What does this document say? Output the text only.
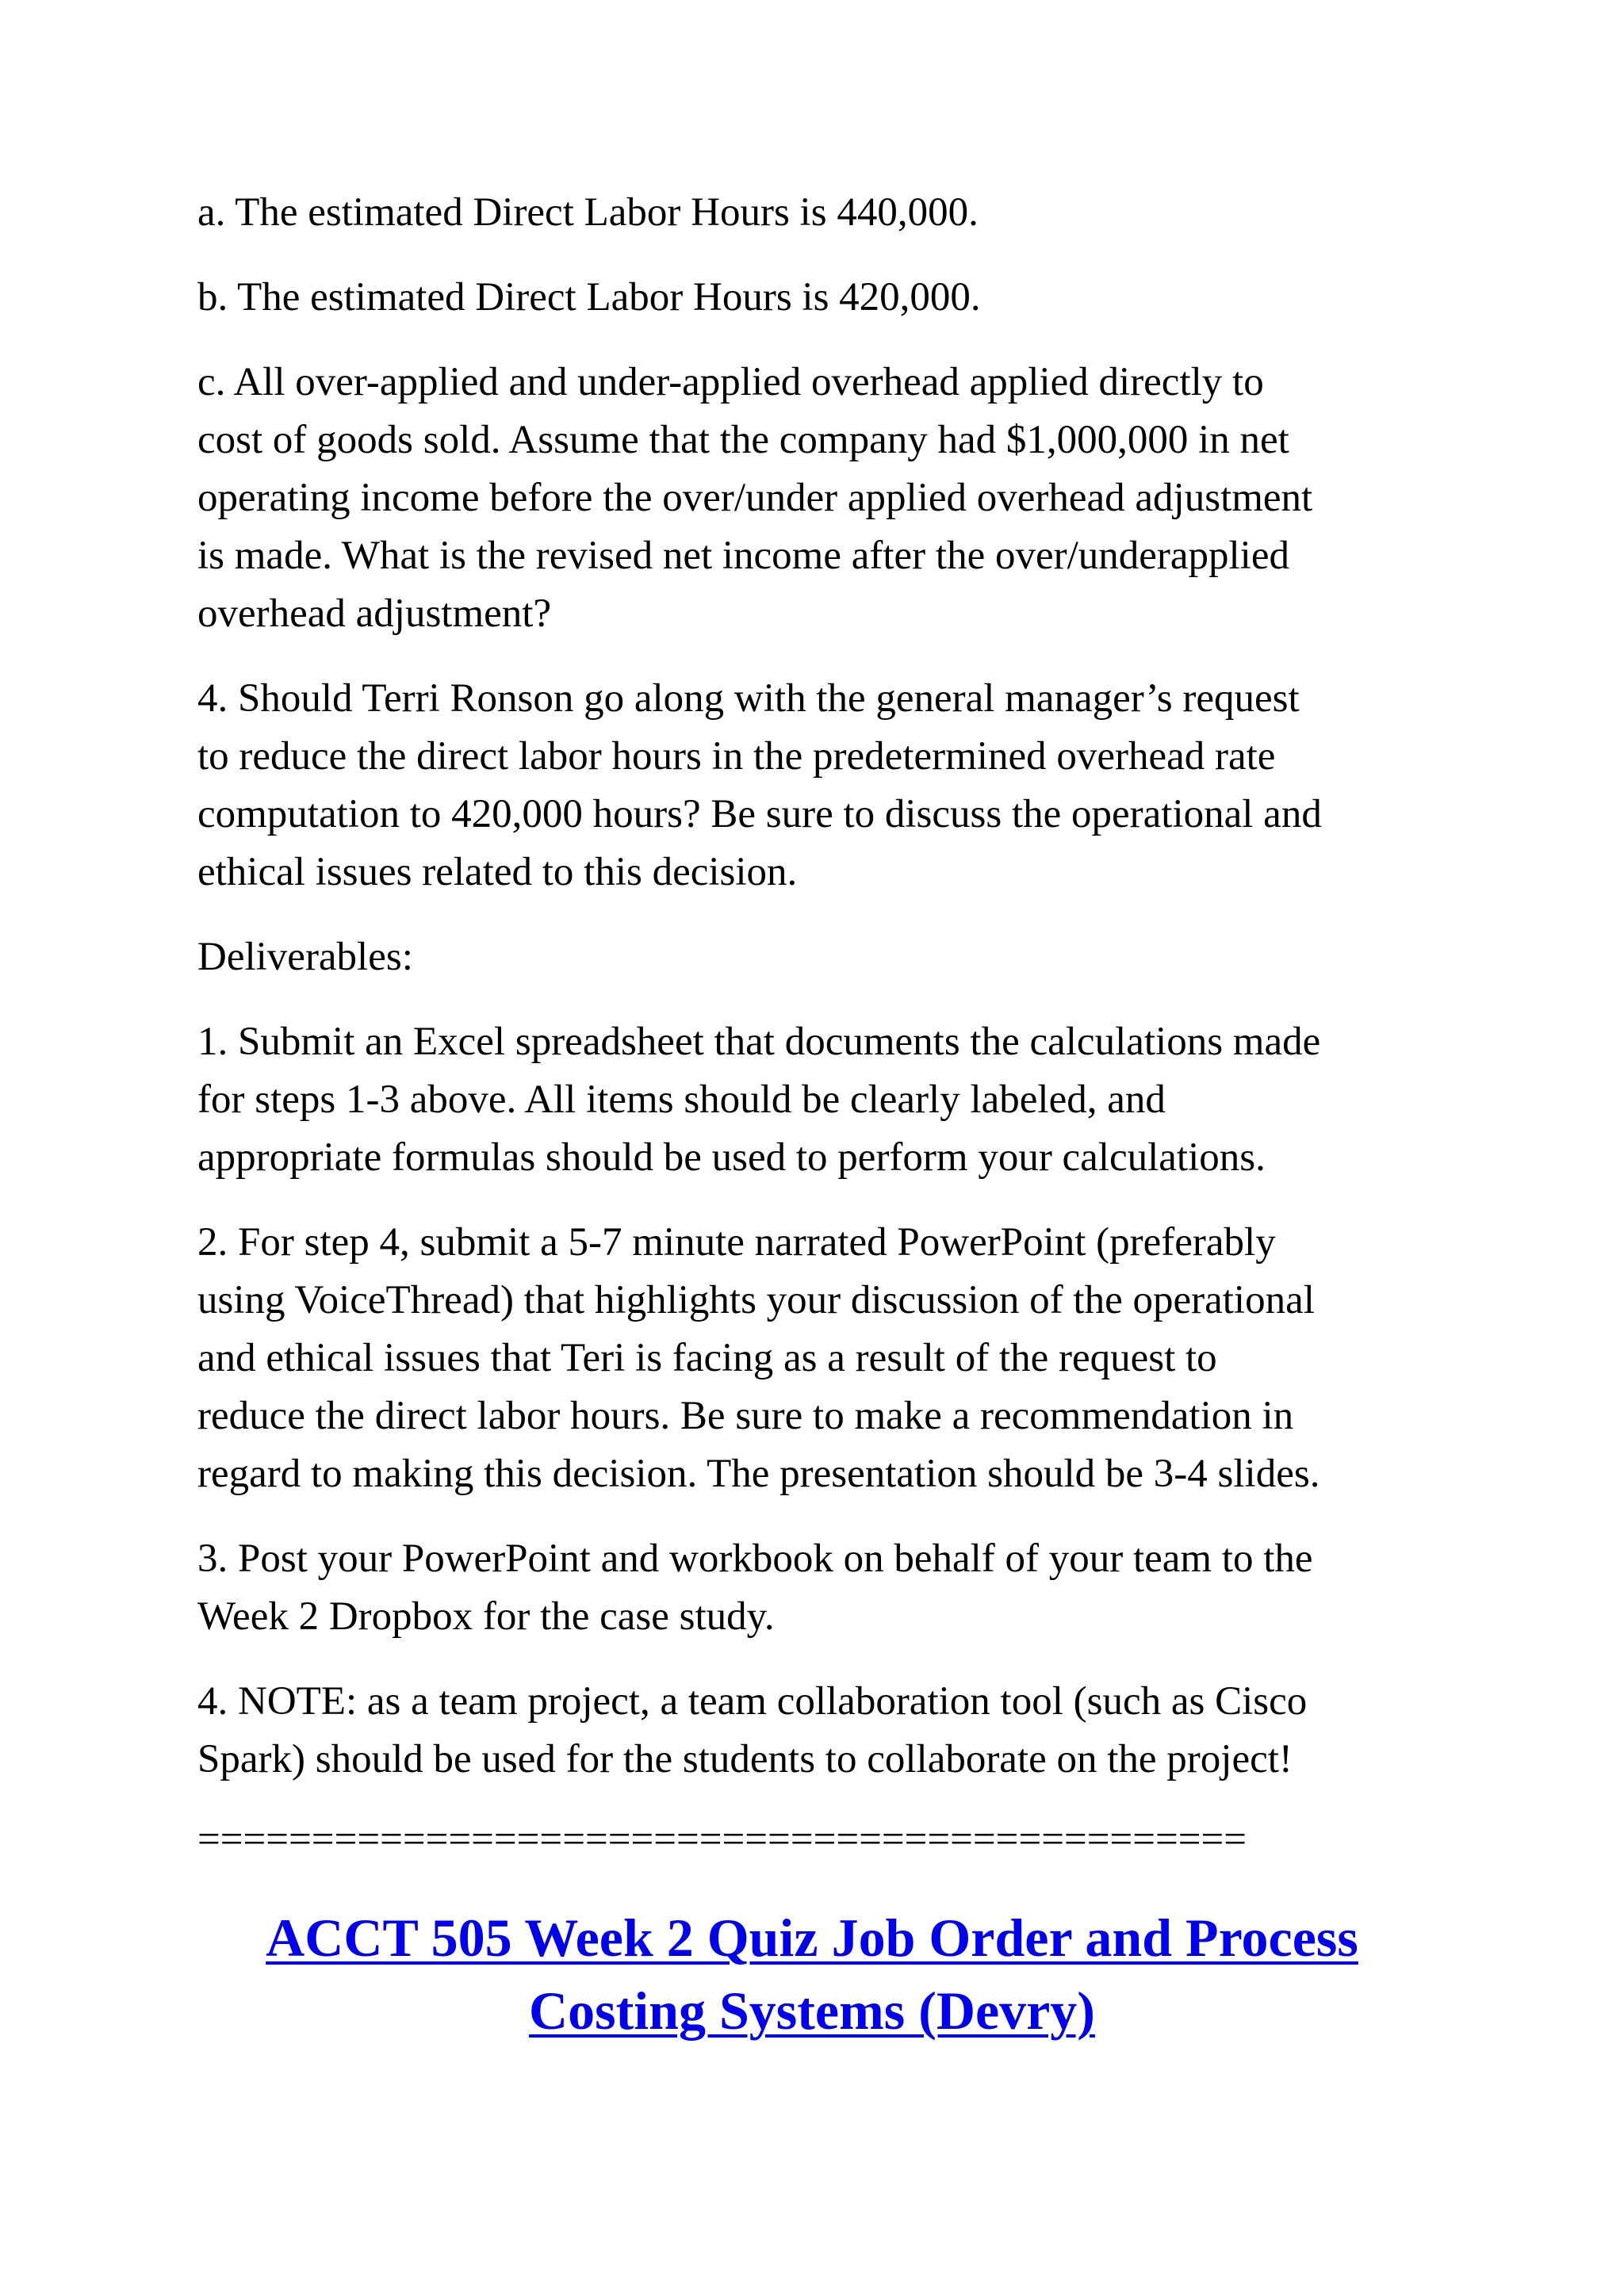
a. The estimated Direct Labor Hours is 440,000.

b. The estimated Direct Labor Hours is 420,000.

c. All over-applied and under-applied overhead applied directly to
cost of goods sold. Assume that the company had $1,000,000 in net
operating income before the over/under applied overhead adjustment
is made. What is the revised net income after the over/underapplied
overhead adjustment?

4. Should Terri Ronson go along with the general manager’s request
to reduce the direct labor hours in the predetermined overhead rate
computation to 420,000 hours? Be sure to discuss the operational and
ethical issues related to this decision.

Deliverables:

1. Submit an Excel spreadsheet that documents the calculations made
for steps 1-3 above. All items should be clearly labeled, and
appropriate formulas should be used to perform your calculations.

2. For step 4, submit a 5-7 minute narrated PowerPoint (preferably
using VoiceThread) that highlights your discussion of the operational
and ethical issues that Teri is facing as a result of the request to
reduce the direct labor hours. Be sure to make a recommendation in
regard to making this decision. The presentation should be 3-4 slides.

3. Post your PowerPoint and workbook on behalf of your team to the
Week 2 Dropbox for the case study.

4. NOTE: as a team project, a team collaboration tool (such as Cisco
Spark) should be used for the students to collaborate on the project!

==============================================

ACCT 505 Week 2 Quiz Job Order and Process
Costing Systems (Devry)
